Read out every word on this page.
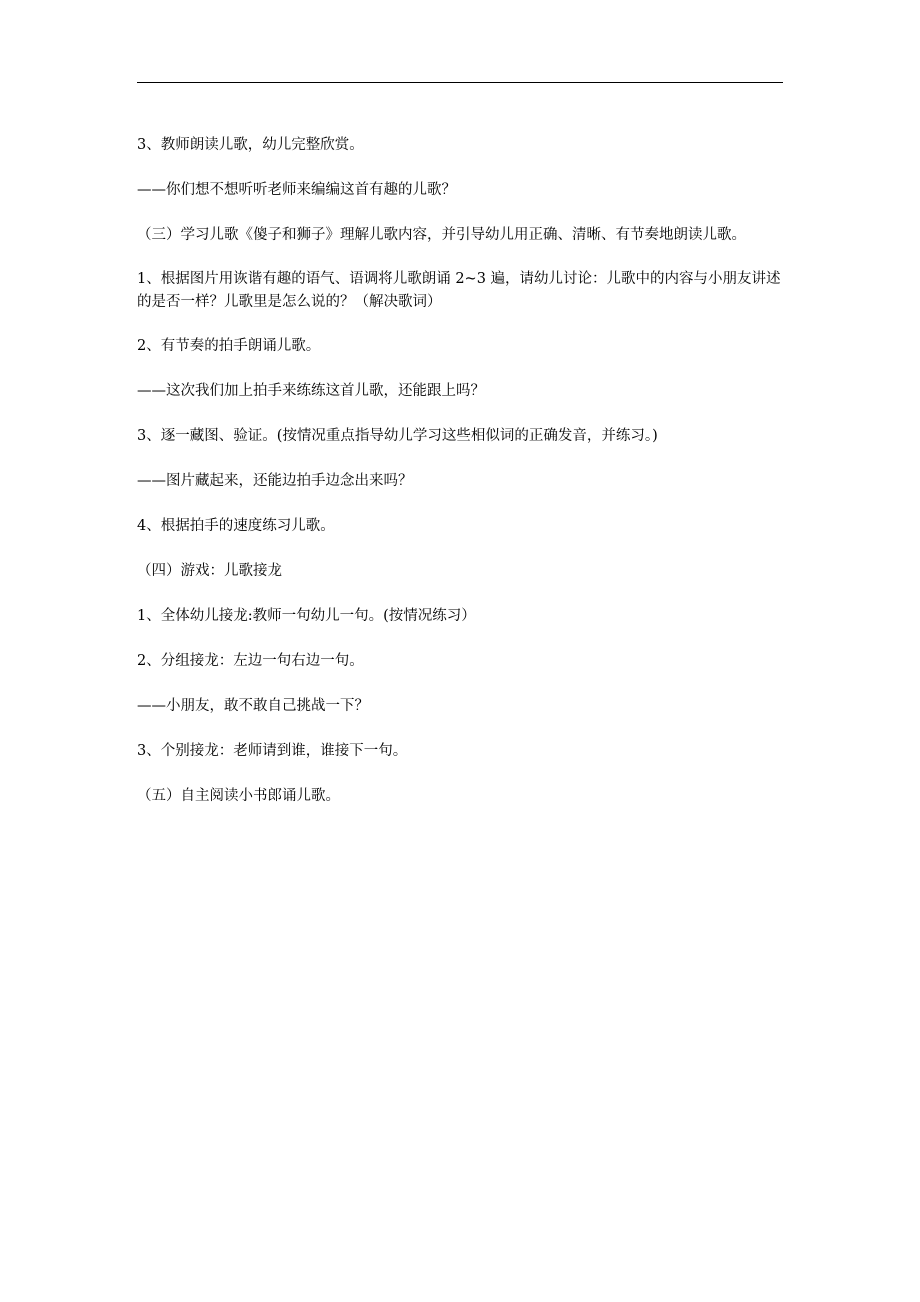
3、教师朗读儿歌，幼儿完整欣赏。

——你们想不想听听老师来编编这首有趣的儿歌？

（三）学习儿歌《傻子和狮子》理解儿歌内容，并引导幼儿用正确、清晰、有节奏地朗读儿歌。

1、根据图片用诙谐有趣的语气、语调将儿歌朗诵 2~3 遍，请幼儿讨论：儿歌中的内容与小朋友讲述的是否一样？儿歌里是怎么说的？（解决歌词）

2、有节奏的拍手朗诵儿歌。

——这次我们加上拍手来练练这首儿歌，还能跟上吗？

3、逐一藏图、验证。(按情况重点指导幼儿学习这些相似词的正确发音，并练习。)

——图片藏起来，还能边拍手边念出来吗？

4、根据拍手的速度练习儿歌。

（四）游戏：儿歌接龙

1、全体幼儿接龙:教师一句幼儿一句。(按情况练习）

2、分组接龙：左边一句右边一句。

——小朋友，敢不敢自己挑战一下？

3、个别接龙：老师请到谁，谁接下一句。

（五）自主阅读小书郎诵儿歌。
